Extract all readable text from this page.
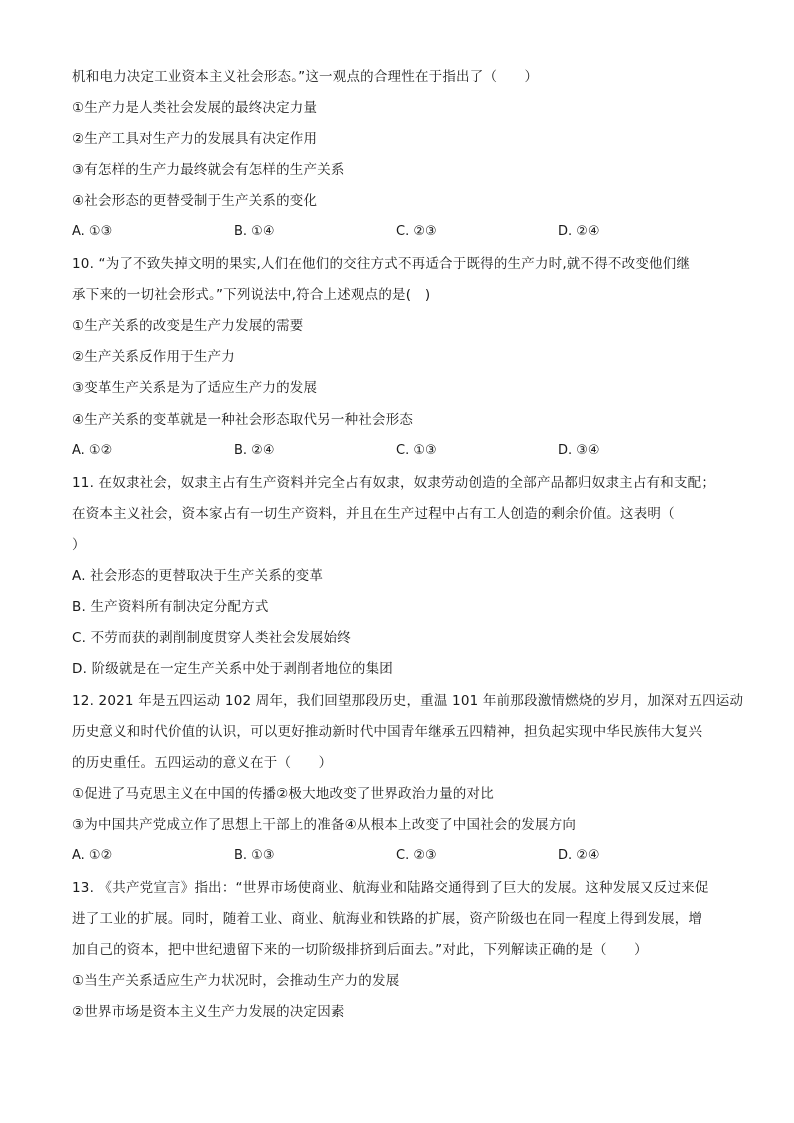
机和电力决定工业资本主义社会形态。”这一观点的合理性在于指出了（　　）
①生产力是人类社会发展的最终决定力量
②生产工具对生产力的发展具有决定作用
③有怎样的生产力最终就会有怎样的生产关系
④社会形态的更替受制于生产关系的变化
A. ①③	B. ①④	C. ②③	D. ②④
10. “为了不致失掉文明的果实,人们在他们的交往方式不再适合于既得的生产力时,就不得不改变他们继
承下来的一切社会形式。”下列说法中,符合上述观点的是(　)
①生产关系的改变是生产力发展的需要
②生产关系反作用于生产力
③变革生产关系是为了适应生产力的发展
④生产关系的变革就是一种社会形态取代另一种社会形态
A. ①②	B. ②④	C. ①③	D. ③④
11. 在奴隶社会，奴隶主占有生产资料并完全占有奴隶，奴隶劳动创造的全部产品都归奴隶主占有和支配；
在资本主义社会，资本家占有一切生产资料，并且在生产过程中占有工人创造的剩余价值。这表明（
）
A. 社会形态的更替取决于生产关系的变革
B. 生产资料所有制决定分配方式
C. 不劳而获的剥削制度贯穿人类社会发展始终
D. 阶级就是在一定生产关系中处于剥削者地位的集团
12. 2021 年是五四运动 102 周年，我们回望那段历史，重温 101 年前那段激情燃烧的岁月，加深对五四运动
历史意义和时代价值的认识，可以更好推动新时代中国青年继承五四精神，担负起实现中华民族伟大复兴
的历史重任。五四运动的意义在于（　　）
①促进了马克思主义在中国的传播②极大地改变了世界政治力量的对比
③为中国共产党成立作了思想上干部上的准备④从根本上改变了中国社会的发展方向
A. ①②	B. ①③	C. ②③	D. ②④
13. 《共产党宣言》指出：“世界市场使商业、航海业和陆路交通得到了巨大的发展。这种发展又反过来促
进了工业的扩展。同时，随着工业、商业、航海业和铁路的扩展，资产阶级也在同一程度上得到发展，增
加自己的资本，把中世纪遗留下来的一切阶级排挤到后面去。”对此，下列解读正确的是（　　）
①当生产关系适应生产力状况时，会推动生产力的发展
②世界市场是资本主义生产力发展的决定因素
